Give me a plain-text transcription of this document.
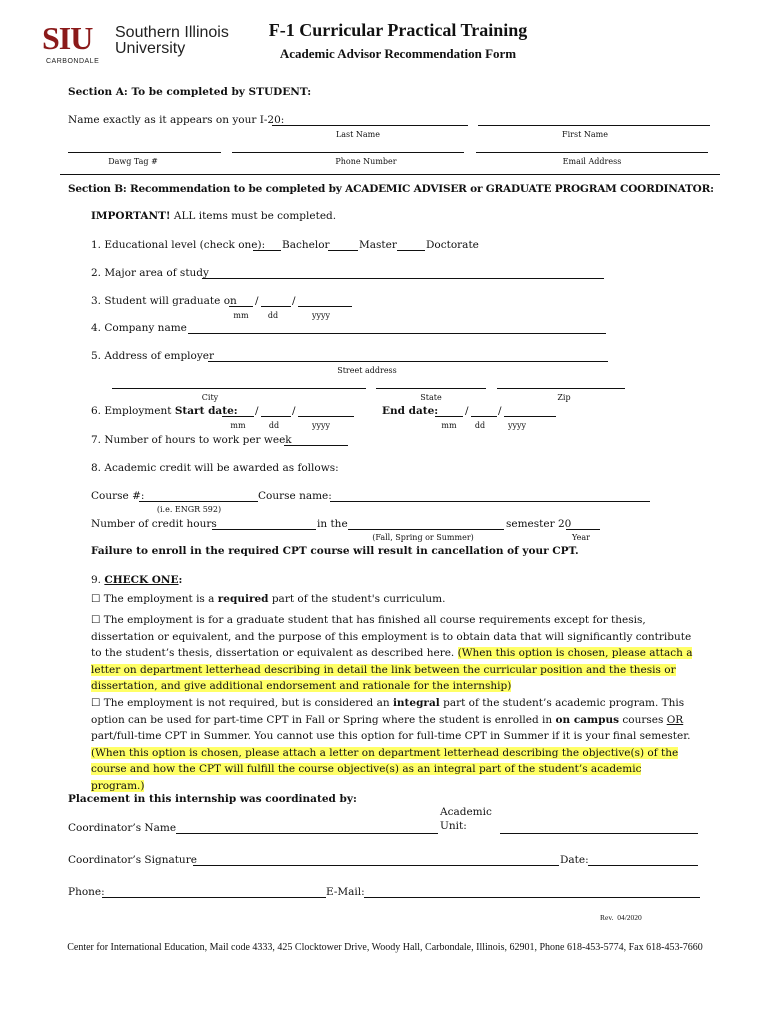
SIU Southern Illinois
University
CARBONDALE
F-1 Curricular Practical Training
Academic Advisor Recommendation Form
Section A: To be completed by STUDENT:
Name exactly as it appears on your I-20:
Last Name	First Name
Dawg Tag #	Phone Number	Email Address
Section B: Recommendation to be completed by ACADEMIC ADVISER or GRADUATE PROGRAM COORDINATOR:
IMPORTANT! ALL items must be completed.
1. Educational level (check one): Bachelor	Master	Doctorate
2. Major area of study
3. Student will graduate on /	/
mm	dd	yyyy
4. Company name
5. Address of employer
Street address
City	State	Zip
6. Employment Start date: /	/	End date:	/	/
mm	dd	yyyy	mm	dd	yyyy
7. Number of hours to work per week
8. Academic credit will be awarded as follows:
Course #:	Course name:
(i.e. ENGR 592)
Number of credit hours	in the	semester 20
(Fall, Spring or Summer)	Year
Failure to enroll in the required CPT course will result in cancellation of your CPT.
9. CHECK ONE:
☐ The employment is a required part of the student's curriculum.
☐ The employment is for a graduate student that has finished all course requirements except for thesis, dissertation or equivalent, and the purpose of this employment is to obtain data that will significantly contribute to the student’s thesis, dissertation or equivalent as described here. (When this option is chosen, please attach a letter on department letterhead describing in detail the link between the curricular position and the thesis or dissertation, and give additional endorsement and rationale for the internship)
☐ The employment is not required, but is considered an integral part of the student’s academic program. This option can be used for part-time CPT in Fall or Spring where the student is enrolled in on campus courses OR part/full-time CPT in Summer. You cannot use this option for full-time CPT in Summer if it is your final semester. (When this option is chosen, please attach a letter on department letterhead describing the objective(s) of the course and how the CPT will fulfill the course objective(s) as an integral part of the student’s academic program.)
Placement in this internship was coordinated by:
Coordinator’s Name
Academic
Unit:
Coordinator’s Signature	Date:
Phone:	E-Mail:
Rev.  04/2020
Center for International Education, Mail code 4333, 425 Clocktower Drive, Woody Hall, Carbondale, Illinois, 62901, Phone 618-453-5774, Fax 618-453-7660
